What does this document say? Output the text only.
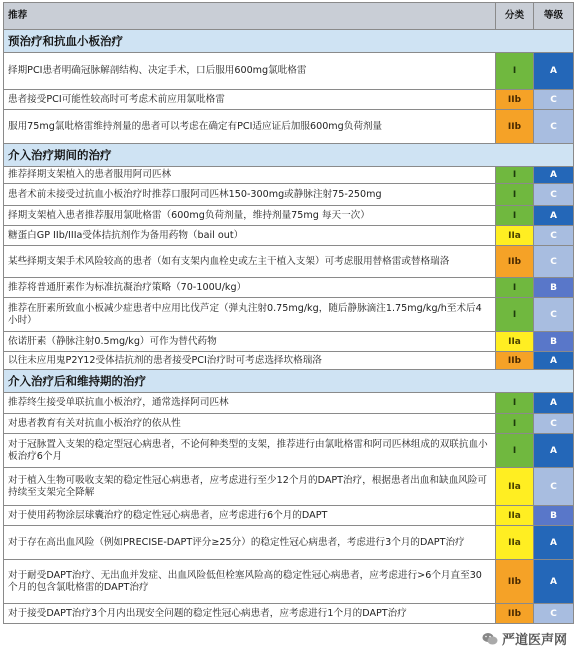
推荐	分类	等级
预治疗和抗血小板治疗		
择期PCI患者明确冠脉解剖结构、决定手术，口后服用600mg氯吡格雷	I	A
患者接受PCI可能性较高时可考虑术前应用氯吡格雷	IIb	C
服用75mg氯吡格雷维持剂量的患者可以考虑在确定有PCI适应证后加服600mg负荷剂量	IIb	C
介入治疗期间的治疗		
推荐择期支架植入的患者服用阿司匹林	I	A
患者术前未接受过抗血小板治疗时推荐口服阿司匹林150-300mg或静脉注射75-250mg	I	C
择期支架植入患者推荐服用氯吡格雷（600mg负荷剂量，维持剂量75mg 每天一次）	I	A
糖蛋白GP IIb/IIIa受体拮抗剂作为备用药物（bail out）	IIa	C
某些择期支架手术风险较高的患者（如有支架内血栓史或左主干植入支架）可考虑服用替格雷或替格瑞洛	IIb	C
推荐将普通肝素作为标准抗凝治疗策略（70-100U/kg）	I	B
推荐在肝素所致血小板减少症患者中应用比伐芦定（弹丸注射0.75mg/kg，随后静脉滴注1.75mg/kg/h至术后4小时）	I	C
依诺肝素（静脉注射0.5mg/kg）可作为替代药物	IIa	B
以往未应用鬼P2Y12受体拮抗剂的患者接受PCI治疗时可考虑选择坎格瑞洛	IIb	A
介入治疗后和维持期的治疗		
推荐终生接受单联抗血小板治疗，通常选择阿司匹林	I	A
对患者教育有关对抗血小板治疗的依从性	I	C
对于冠脉置入支架的稳定型冠心病患者，不论何种类型的支架，推荐进行由氯吡格雷和阿司匹林组成的双联抗血小板治疗6个月	I	A
对于植入生物可吸收支架的稳定性冠心病患者，应考虑进行至少12个月的DAPT治疗，根据患者出血和缺血风险可持续至支架完全降解	IIa	C
对于使用药物涂层球囊治疗的稳定性冠心病患者，应考虑进行6个月的DAPT	IIa	B
对于存在高出血风险（例如PRECISE-DAPT评分≥25分）的稳定性冠心病患者，考虑进行3个月的DAPT治疗	IIa	A
对于耐受DAPT治疗、无出血并发症、出血风险低但栓塞风险高的稳定性冠心病患者，应考虑进行>6个月直至30个月的包含氯吡格雷的DAPT治疗	IIb	A
对于接受DAPT治疗3个月内出现安全问题的稳定性冠心病患者，应考虑进行1个月的DAPT治疗	IIb	C
严道医声网
